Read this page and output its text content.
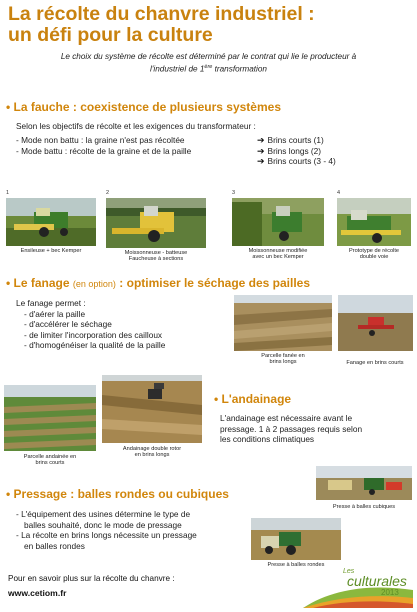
La récolte du chanvre industriel :
un défi pour la culture
Le choix du système de récolte est déterminé par le contrat qui lie le producteur à
l'industriel de 1ère transformation
• La fauche : coexistence de plusieurs systèmes
Selon les objectifs de récolte et les exigences du transformateur :
- Mode non battu : la graine n'est pas récoltée
- Mode battu : récolte de la graine et de la paille
➔ Brins courts (1)
➔ Brins longs (2)
➔ Brins courts (3 - 4)
1
Ensileuse + bec Kemper
2
Moissonneuse - batteuse
Faucheuse à sections
3
Moissonneuse modifiée
avec un bec Kemper
4
Prototype de récolte
double voie
• Le fanage (en option) : optimiser le séchage des pailles
Le fanage permet :
- d'aérer la paille
- d'accélérer le séchage
- de limiter l'incorporation des cailloux
- d'homogénéiser la qualité de la paille
Parcelle fanée en
brins longs	Fanage en brins courts
Parcelle andainée en
brins courts
Andainage double rotor
en brins longs
• L'andainage
L'andainage est nécessaire avant le
pressage. 1 à 2 passages requis selon
les conditions climatiques
• Pressage : balles rondes ou cubiques
- L'équipement des usines détermine le type de
balles souhaité, donc le mode de pressage
- La récolte en brins longs nécessite un pressage
en balles rondes
Presse à balles cubiques
Presse à balles rondes
Pour en savoir plus sur la récolte du chanvre :
www.cetiom.fr
Les
culturales
2013
